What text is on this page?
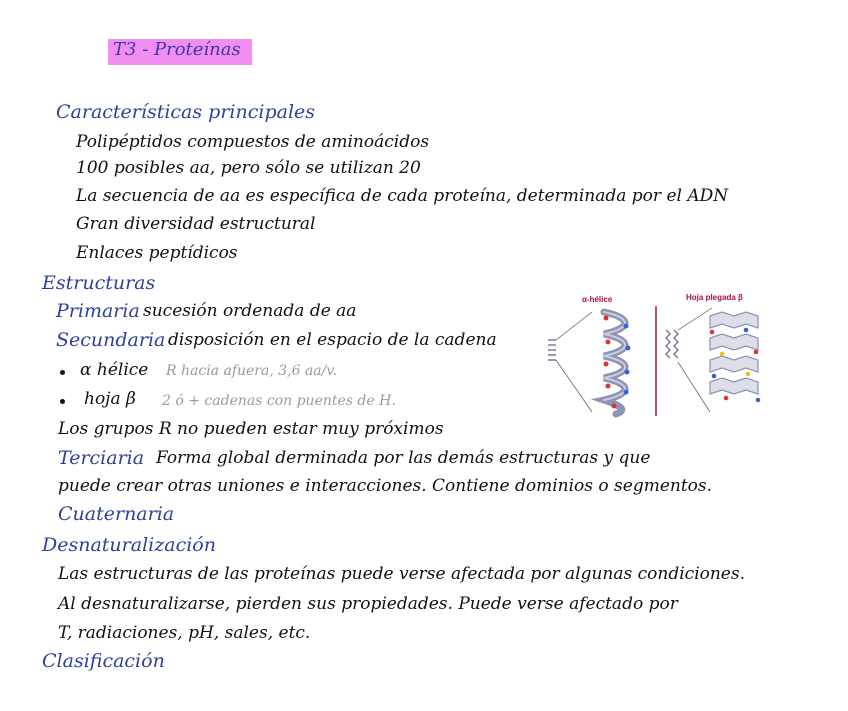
T3 - Proteínas
Características principales
Polipéptidos compuestos de aminoácidos
100 posibles aa, pero sólo se utilizan 20
La secuencia de aa es específica de cada proteína, determinada por el ADN
Gran diversidad estructural
Enlaces peptídicos
Estructuras
Primaria sucesión ordenada de aa
Secundaria disposición en el espacio de la cadena
α hélice R hacia afuera, 3,6 aa/v.
hoja β 2 ó + cadenas con puentes de H.
Los grupos R no pueden estar muy próximos
Terciaria Forma global derminada por las demás estructuras y que
puede crear otras uniones e interacciones. Contiene dominios o segmentos.
Cuaternaria
Desnaturalización
Las estructuras de las proteínas puede verse afectada por algunas condiciones.
Al desnaturalizarse, pierden sus propiedades. Puede verse afectado por
T, radiaciones, pH, sales, etc.
Clasificación
α-hélice	Hoja plegada β
